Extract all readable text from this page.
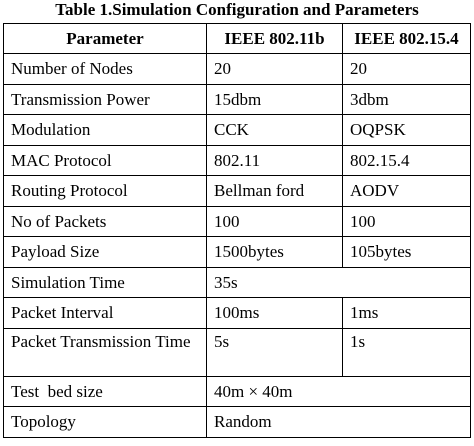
Table 1.Simulation Configuration and Parameters
Parameter	IEEE 802.11b	IEEE 802.15.4
Number of Nodes	20	20
Transmission Power	15dbm	3dbm
Modulation	CCK	OQPSK
MAC Protocol	802.11	802.15.4
Routing Protocol	Bellman ford	AODV
No of Packets	100	100
Payload Size	1500bytes	105bytes
Simulation Time	35s	
Packet Interval	100ms	1ms
Packet Transmission Time	5s	1s
Test  bed size	40m × 40m	
Topology	Random	
